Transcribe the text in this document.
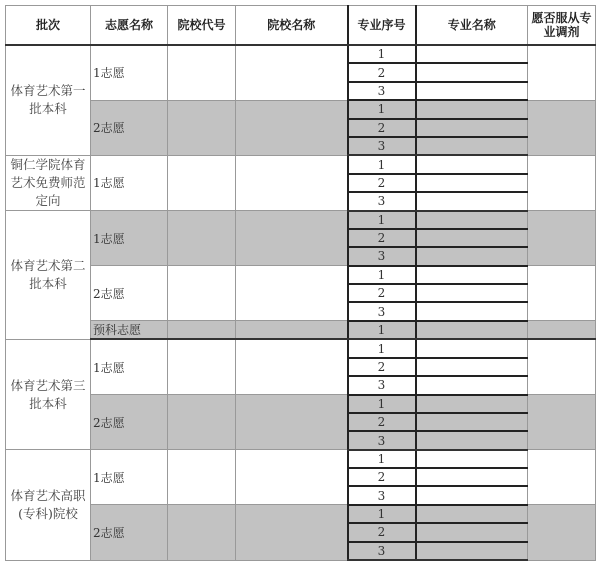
批次	志愿名称	院校代号	院校名称	专业序号	专业名称	愿否服从专业调剂
体育艺术第一批本科	1志愿			1		
				2		
				3		
	2志愿			1		
				2		
				3		
铜仁学院体育艺术免费师范定向	1志愿			1		
				2		
				3		
体育艺术第二批本科	1志愿			1		
				2		
				3		
	2志愿			1		
				2		
				3		
	预科志愿			1		
体育艺术第三批本科	1志愿			1		
				2		
				3		
	2志愿			1		
				2		
				3		
体育艺术高职(专科)院校	1志愿			1		
				2		
				3		
	2志愿			1		
				2		
				3		
